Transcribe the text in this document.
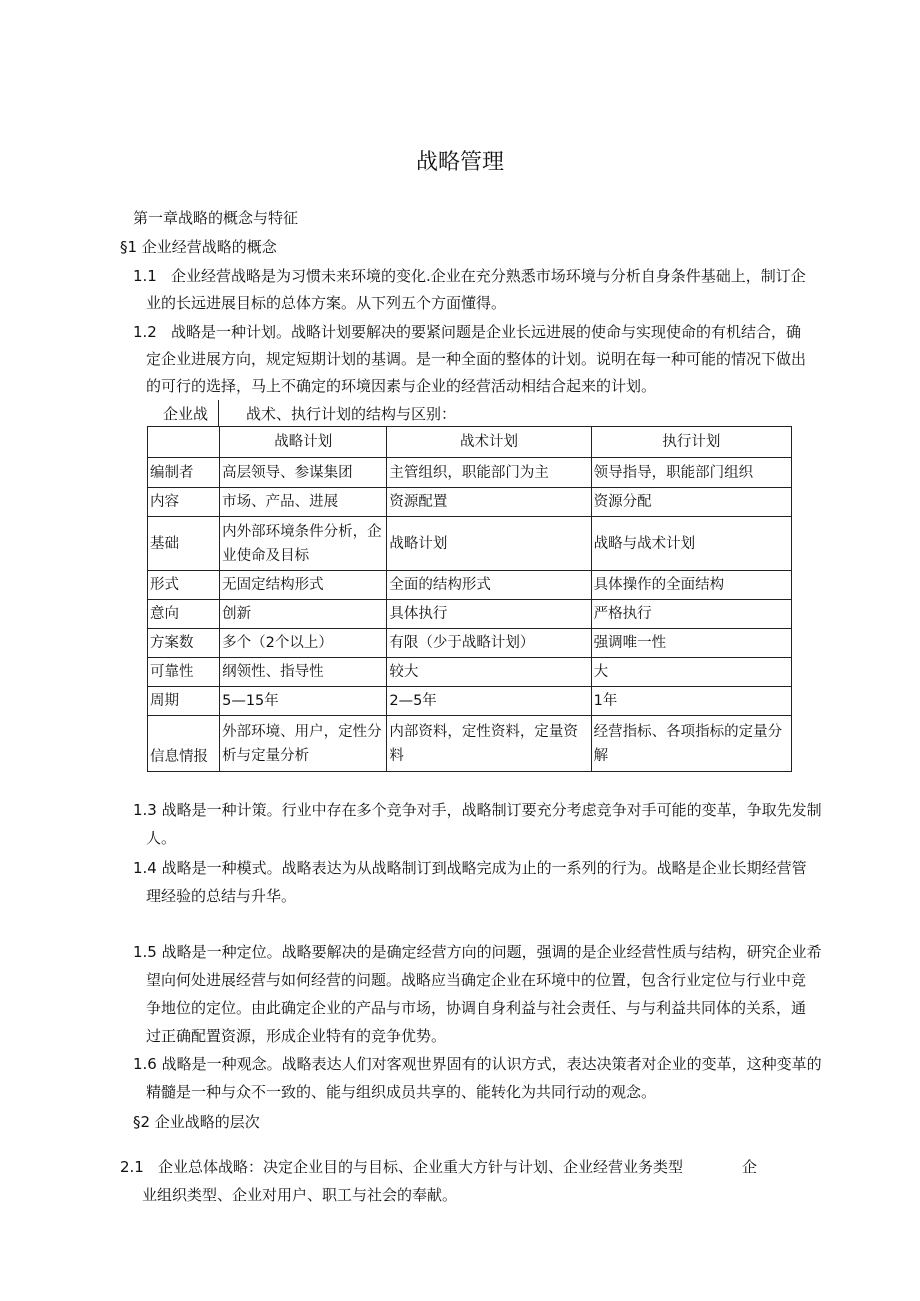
战略管理
第一章战略的概念与特征
§1 企业经营战略的概念
1.1 企业经营战略是为习惯未来环境的变化.企业在充分熟悉市场环境与分析自身条件基础上，制订企
业的长远进展目标的总体方案。从下列五个方面懂得。
1.2 战略是一种计划。战略计划要解决的要紧问题是企业长远进展的使命与实现使命的有机结合，确
定企业进展方向，规定短期计划的基调。是一种全面的整体的计划。说明在每一种可能的情况下做出
的可行的选择，马上不确定的环境因素与企业的经营活动相结合起来的计划。
企业战	战术、执行计划的结构与区别：
	战略计划	战术计划	执行计划
编制者	高层领导、参谋集团	主管组织，职能部门为主	领导指导，职能部门组织
内容	市场、产品、进展	资源配置	资源分配
基础	内外部环境条件分析，企业使命及目标	战略计划	战略与战术计划
形式	无固定结构形式	全面的结构形式	具体操作的全面结构
意向	创新	具体执行	严格执行
方案数	多个（2个以上）	有限（少于战略计划）	强调唯一性
可靠性	纲领性、指导性	较大	大
周期	5—15年	2—5年	1年
信息情报	外部环境、用户，定性分析与定量分析	内部资料，定性资料，定量资料	经营指标、各项指标的定量分解
1.3 战略是一种计策。行业中存在多个竞争对手，战略制订要充分考虑竞争对手可能的变革，争取先发制
人。
1.4 战略是一种模式。战略表达为从战略制订到战略完成为止的一系列的行为。战略是企业长期经营管
理经验的总结与升华。
1.5 战略是一种定位。战略要解决的是确定经营方向的问题，强调的是企业经营性质与结构，研究企业希
望向何处进展经营与如何经营的问题。战略应当确定企业在环境中的位置，包含行业定位与行业中竞
争地位的定位。由此确定企业的产品与市场，协调自身利益与社会责任、与与利益共同体的关系，通
过正确配置资源，形成企业特有的竞争优势。
1.6 战略是一种观念。战略表达人们对客观世界固有的认识方式，表达决策者对企业的变革，这种变革的
精髓是一种与众不一致的、能与组织成员共享的、能转化为共同行动的观念。
§2 企业战略的层次
2.1 企业总体战略：决定企业目的与目标、企业重大方针与计划、企业经营业务类型	企
业组织类型、企业对用户、职工与社会的奉献。
